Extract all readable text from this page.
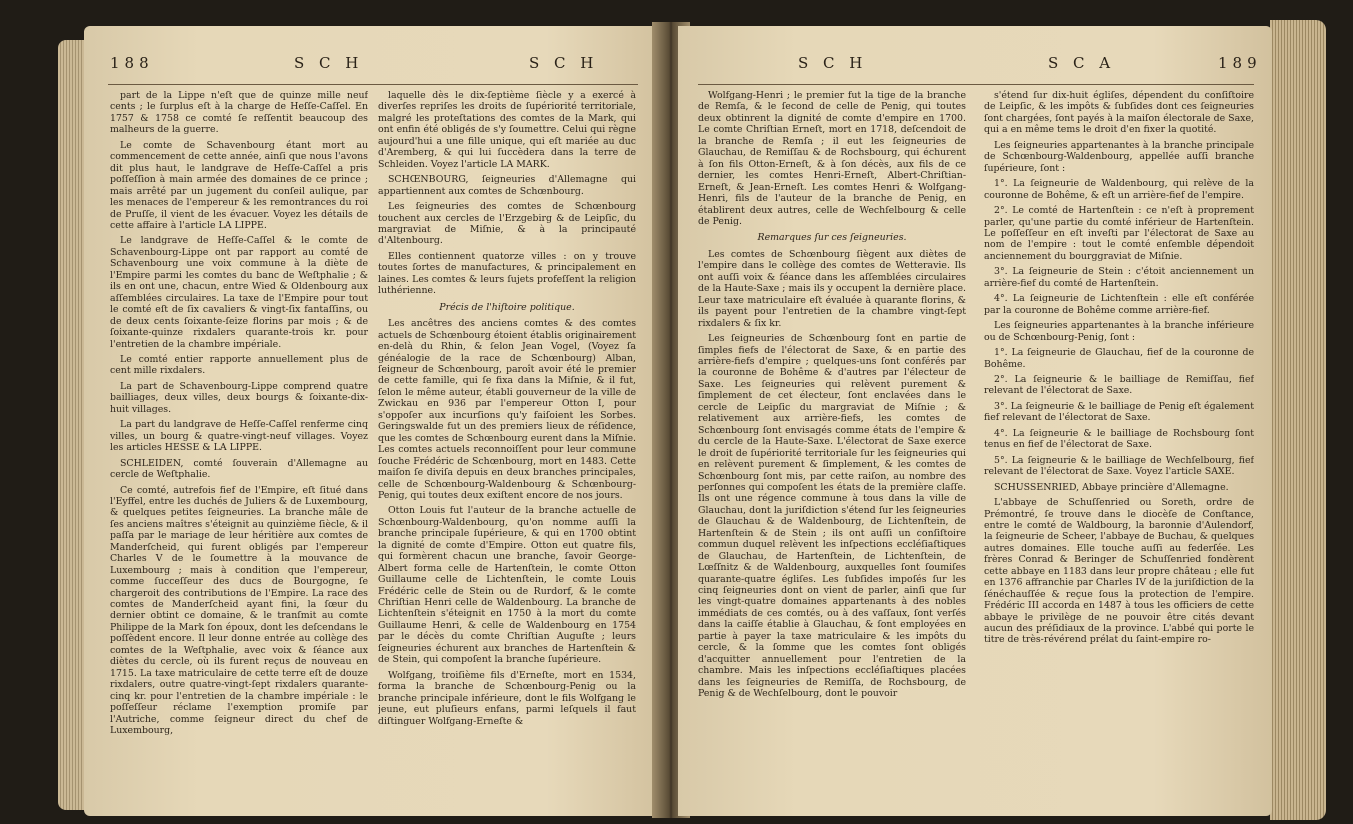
188	S C H	S C H

part de la Lippe n'eſt que de quinze mille neuf cents ; le ſurplus eſt à la charge de Heſſe-Caſſel. En 1757 & 1758 ce comté ſe reſſentit beaucoup des malheurs de la guerre.

Le comte de Schavenbourg étant mort au commencement de cette année, ainſi que nous l'avons dit plus haut, le landgrave de Heſſe-Caſſel a pris poſſeſſion à main armée des domaines de ce prince ; mais arrêté par un jugement du conſeil aulique, par les menaces de l'empereur & les remontrances du roi de Pruſſe, il vient de les évacuer. Voyez les détails de cette affaire à l'article LA LIPPE.

Le landgrave de Heſſe-Caſſel & le comte de Schavenbourg-Lippe ont par rapport au comté de Schavenbourg une voix commune à la diète de l'Empire parmi les comtes du banc de Weſtphalie ; & ils en ont une, chacun, entre Wied & Oldenbourg aux aſſemblées circulaires. La taxe de l'Empire pour tout le comté eſt de ſix cavaliers & vingt-ſix fantaſſins, ou de deux cents ſoixante-ſeize florins par mois ; & de ſoixante-quinze rixdalers quarante-trois kr. pour l'entretien de la chambre impériale.

Le comté entier rapporte annuellement plus de cent mille rixdalers.

La part de Schavenbourg-Lippe comprend quatre bailliages, deux villes, deux bourgs & ſoixante-dix-huit villages.

La part du landgrave de Heſſe-Caſſel renferme cinq villes, un bourg & quatre-vingt-neuf villages. Voyez les articles HESSE & LA LIPPE.

SCHLEIDEN, comté ſouverain d'Allemagne au cercle de Weſtphalie.

Ce comté, autrefois fief de l'Empire, eſt ſitué dans l'Eyffel, entre les duchés de Juliers & de Luxembourg, & quelques petites ſeigneuries. La branche mâle de ſes anciens maîtres s'éteignit au quinzième ſiècle, & il paſſa par le mariage de leur héritière aux comtes de Manderſcheid, qui furent obligés par l'empereur Charles V de le ſoumettre à la mouvance de Luxembourg ; mais à condition que l'empereur, comme ſucceſſeur des ducs de Bourgogne, ſe chargeroit des contributions de l'Empire. La race des comtes de Manderſcheid ayant fini, la ſœur du dernier obtint ce domaine, & le tranſmit au comte Philippe de la Mark ſon époux, dont les deſcendans le poſſèdent encore. Il leur donne entrée au collège des comtes de la Weſtphalie, avec voix & ſéance aux diètes du cercle, où ils furent reçus de nouveau en 1715. La taxe matriculaire de cette terre eſt de douze rixdalers, outre quatre-vingt-ſept rixdalers quarante-cinq kr. pour l'entretien de la chambre impériale : le poſſeſſeur réclame l'exemption promiſe par l'Autriche, comme ſeigneur direct du chef de Luxembourg,

laquelle dès le dix-ſeptième ſiècle y a exercé à diverſes repriſes les droits de ſupériorité territoriale, malgré les proteſtations des comtes de la Mark, qui ont enfin été obligés de s'y ſoumettre. Celui qui règne aujourd'hui a une fille unique, qui eſt mariée au duc d'Aremberg, & qui lui ſuccèdera dans la terre de Schleiden. Voyez l'article LA MARK.

SCHŒNBOURG, ſeigneuries d'Allemagne qui appartiennent aux comtes de Schœnbourg.

Les ſeigneuries des comtes de Schœnbourg touchent aux cercles de l'Erzgebirg & de Leipſic, du margraviat de Miſnie, & à la principauté d'Altenbourg.

Elles contiennent quatorze villes : on y trouve toutes ſortes de manufactures, & principalement en laines. Les comtes & leurs ſujets profeſſent la religion luthérienne.

Précis de l'hiſtoire politique.

Les ancêtres des anciens comtes & des comtes actuels de Schœnbourg étoient établis originairement en-delà du Rhin, & ſelon Jean Vogel, (Voyez ſa généalogie de la race de Schœnbourg) Alban, ſeigneur de Schœnbourg, paroît avoir été le premier de cette famille, qui ſe fixa dans la Miſnie, & il fut, ſelon le même auteur, établi gouverneur de la ville de Zwickau en 936 par l'empereur Otton I, pour s'oppoſer aux incurſions qu'y faiſoient les Sorbes. Geringswalde fut un des premiers lieux de réſidence, que les comtes de Schœnbourg eurent dans la Miſnie. Les comtes actuels reconnoiſſent pour leur commune ſouche Frédéric de Schœnbourg, mort en 1483. Cette maiſon ſe diviſa depuis en deux branches principales, celle de Schœnbourg-Waldenbourg & Schœnbourg-Penig, qui toutes deux exiſtent encore de nos jours.

Otton Louis fut l'auteur de la branche actuelle de Schœnbourg-Waldenbourg, qu'on nomme auſſi la branche principale ſupérieure, & qui en 1700 obtint la dignité de comte d'Empire. Otton eut quatre fils, qui formèrent chacun une branche, ſavoir George-Albert forma celle de Hartenſtein, le comte Otton Guillaume celle de Lichtenſtein, le comte Louis Frédéric celle de Stein ou de Rurdorf, & le comte Chriſtian Henri celle de Waldenbourg. La branche de Lichtenſtein s'éteignit en 1750 à la mort du comte Guillaume Henri, & celle de Waldenbourg en 1754 par le décès du comte Chriſtian Auguſte ; leurs ſeigneuries échurent aux branches de Hartenſtein & de Stein, qui compoſent la branche ſupérieure.

Wolfgang, troiſième fils d'Erneſte, mort en 1534, forma la branche de Schœnbourg-Penig ou la branche principale inférieure, dont le fils Wolfgang le jeune, eut pluſieurs enfans, parmi leſquels il faut diſtinguer Wolfgang-Erneſte &

S C H	S C A	189

Wolfgang-Henri ; le premier fut la tige de la branche de Remſa, & le ſecond de celle de Penig, qui toutes deux obtinrent la dignité de comte d'empire en 1700. Le comte Chriſtian Erneſt, mort en 1718, deſcendoit de la branche de Remſa ; il eut les ſeigneuries de Glauchau, de Remiſſau & de Rochsbourg, qui échurent à ſon fils Otton-Erneſt, & à ſon décès, aux fils de ce dernier, les comtes Henri-Erneſt, Albert-Chriſtian-Erneſt, & Jean-Erneſt. Les comtes Henri & Wolfgang-Henri, fils de l'auteur de la branche de Penig, en établirent deux autres, celle de Wechſelbourg & celle de Penig.

Remarques ſur ces ſeigneuries.

Les comtes de Schœnbourg ſiègent aux diètes de l'empire dans le collège des comtes de Wetteravie. Ils ont auſſi voix & ſéance dans les aſſemblées circulaires de la Haute-Saxe ; mais ils y occupent la dernière place. Leur taxe matriculaire eſt évaluée à quarante florins, & ils payent pour l'entretien de la chambre vingt-ſept rixdalers & ſix kr.

Les ſeigneuries de Schœnbourg ſont en partie de ſimples fiefs de l'électorat de Saxe, & en partie des arrière-fiefs d'empire ; quelques-uns ſont conférés par la couronne de Bohême & d'autres par l'électeur de Saxe. Les ſeigneuries qui relèvent purement & ſimplement de cet électeur, ſont enclavées dans le cercle de Leipſic du margraviat de Miſnie ; & relativement aux arrière-fiefs, les comtes de Schœnbourg ſont envisagés comme états de l'empire & du cercle de la Haute-Saxe. L'électorat de Saxe exerce le droit de ſupériorité territoriale ſur les ſeigneuries qui en relèvent purement & ſimplement, & les comtes de Schœnbourg ſont mis, par cette raiſon, au nombre des perſonnes qui compoſent les états de la première claſſe. Ils ont une régence commune à tous dans la ville de Glauchau, dont la juriſdiction s'étend ſur les ſeigneuries de Glauchau & de Waldenbourg, de Lichtenſtein, de Hartenſtein & de Stein ; ils ont auſſi un conſiſtoire commun duquel relèvent les inſpections eccléſiaſtiques de Glauchau, de Hartenſtein, de Lichtenſtein, de Lœſſnitz & de Waldenbourg, auxquelles ſont ſoumiſes quarante-quatre égliſes. Les ſubſides impoſés ſur les cinq ſeigneuries dont on vient de parler, ainſi que ſur les vingt-quatre domaines appartenants à des nobles immédiats de ces comtés, ou à des vaſſaux, ſont verſés dans la caiſſe établie à Glauchau, & ſont employées en partie à payer la taxe matriculaire & les impôts du cercle, & la ſomme que les comtes ſont obligés d'acquitter annuellement pour l'entretien de la chambre. Mais les inſpections eccléſiaſtiques placées dans les ſeigneuries de Remiſſa, de Rochsbourg, de Penig & de Wechſelbourg, dont le pouvoir

s'étend ſur dix-huit égliſes, dépendent du conſiſtoire de Leipſic, & les impôts & ſubſides dont ces ſeigneuries ſont chargées, ſont payés à la maiſon électorale de Saxe, qui a en même tems le droit d'en fixer la quotité.

Les ſeigneuries appartenantes à la branche principale de Schœnbourg-Waldenbourg, appellée auſſi branche ſupérieure, ſont :

1°. La ſeigneurie de Waldenbourg, qui relève de la couronne de Bohême, & eſt un arrière-fief de l'empire.

2°. Le comté de Hartenſtein : ce n'eſt à proprement parler, qu'une partie du comté inférieur de Hartenſtein. Le poſſeſſeur en eſt inveſti par l'électorat de Saxe au nom de l'empire : tout le comté enſemble dépendoit anciennement du bourggraviat de Miſnie.

3°. La ſeigneurie de Stein : c'étoit anciennement un arrière-fief du comté de Hartenſtein.

4°. La ſeigneurie de Lichtenſtein : elle eſt conférée par la couronne de Bohême comme arrière-fief.

Les ſeigneuries appartenantes à la branche inférieure ou de Schœnbourg-Penig, ſont :

1°. La ſeigneurie de Glauchau, fief de la couronne de Bohême.

2°. La ſeigneurie & le bailliage de Remiſſau, fief relevant de l'électorat de Saxe.

3°. La ſeigneurie & le bailliage de Penig eſt également fief relevant de l'électorat de Saxe.

4°. La ſeigneurie & le bailliage de Rochsbourg ſont tenus en fief de l'électorat de Saxe.

5°. La ſeigneurie & le bailliage de Wechſelbourg, fief relevant de l'électorat de Saxe. Voyez l'article SAXE.

SCHUSSENRIED, Abbaye princière d'Allemagne.

L'abbaye de Schuſſenried ou Soreth, ordre de Prémontré, ſe trouve dans le diocèſe de Conſtance, entre le comté de Waldbourg, la baronnie d'Aulendorf, la ſeigneurie de Scheer, l'abbaye de Buchau, & quelques autres domaines. Elle touche auſſi au federſée. Les frères Conrad & Beringer de Schuſſenried fondèrent cette abbaye en 1183 dans leur propre château ; elle fut en 1376 affranchie par Charles IV de la juriſdiction de la ſénéchauſſée & reçue ſous la protection de l'empire. Frédéric III accorda en 1487 à tous les officiers de cette abbaye le privilège de ne pouvoir être cités devant aucun des préſidiaux de la province. L'abbé qui porte le titre de très-révérend prélat du ſaint-empire ro-
